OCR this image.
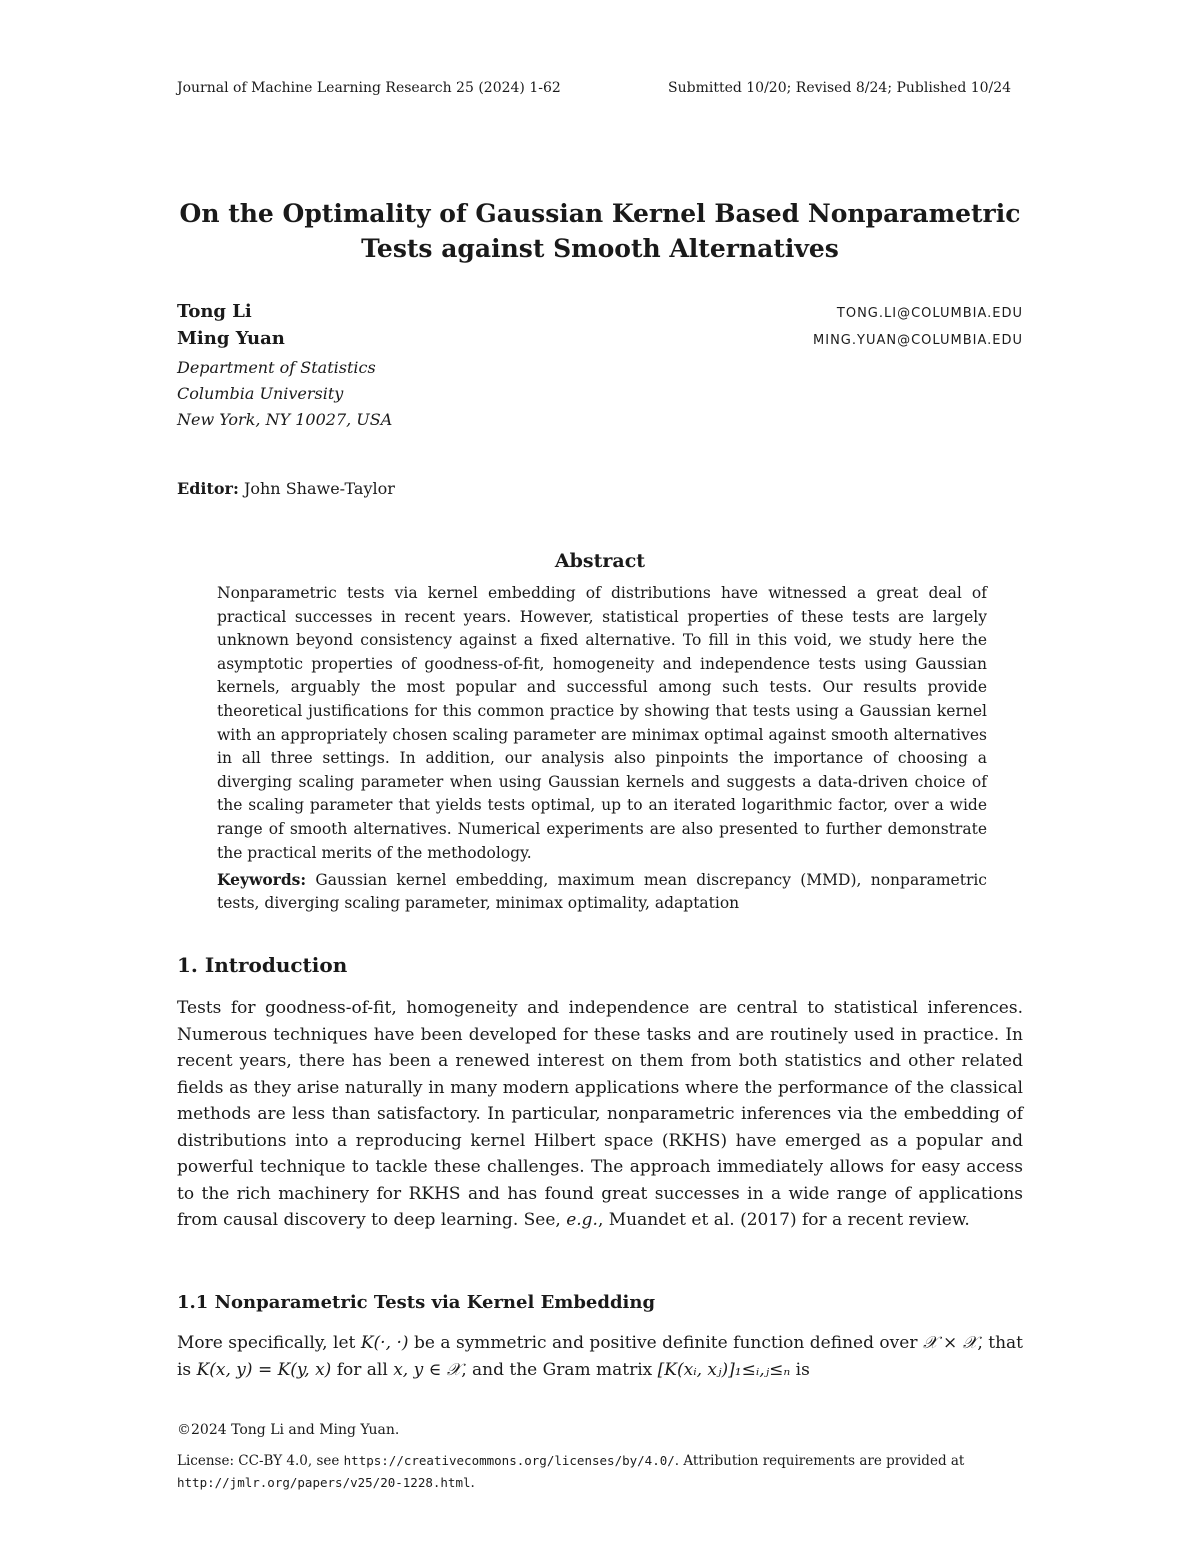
Journal of Machine Learning Research 25 (2024) 1-62	Submitted 10/20; Revised 8/24; Published 10/24
On the Optimality of Gaussian Kernel Based Nonparametric
Tests against Smooth Alternatives
Tong Li	TONG.LI@COLUMBIA.EDU
Ming Yuan	MING.YUAN@COLUMBIA.EDU
Department of Statistics
Columbia University
New York, NY 10027, USA
Editor: John Shawe-Taylor
Abstract
Nonparametric tests via kernel embedding of distributions have witnessed a great deal of practical successes in recent years. However, statistical properties of these tests are largely unknown beyond consistency against a fixed alternative. To fill in this void, we study here the asymptotic properties of goodness-of-fit, homogeneity and independence tests using Gaussian kernels, arguably the most popular and successful among such tests. Our results provide theoretical justifications for this common practice by showing that tests using a Gaussian kernel with an appropriately chosen scaling parameter are minimax optimal against smooth alternatives in all three settings. In addition, our analysis also pinpoints the importance of choosing a diverging scaling parameter when using Gaussian kernels and suggests a data-driven choice of the scaling parameter that yields tests optimal, up to an iterated logarithmic factor, over a wide range of smooth alternatives. Numerical experiments are also presented to further demonstrate the practical merits of the methodology.
Keywords: Gaussian kernel embedding, maximum mean discrepancy (MMD), nonparametric tests, diverging scaling parameter, minimax optimality, adaptation
1. Introduction
Tests for goodness-of-fit, homogeneity and independence are central to statistical inferences. Numerous techniques have been developed for these tasks and are routinely used in practice. In recent years, there has been a renewed interest on them from both statistics and other related fields as they arise naturally in many modern applications where the performance of the classical methods are less than satisfactory. In particular, nonparametric inferences via the embedding of distributions into a reproducing kernel Hilbert space (RKHS) have emerged as a popular and powerful technique to tackle these challenges. The approach immediately allows for easy access to the rich machinery for RKHS and has found great successes in a wide range of applications from causal discovery to deep learning. See, e.g., Muandet et al. (2017) for a recent review.
1.1 Nonparametric Tests via Kernel Embedding
More specifically, let K(·, ·) be a symmetric and positive definite function defined over 𝒳 × 𝒳, that is K(x, y) = K(y, x) for all x, y ∈ 𝒳, and the Gram matrix [K(xᵢ, xⱼ)]₁≤ᵢ,ⱼ≤ₙ is
©2024 Tong Li and Ming Yuan.
License: CC-BY 4.0, see https://creativecommons.org/licenses/by/4.0/. Attribution requirements are provided at http://jmlr.org/papers/v25/20-1228.html.
